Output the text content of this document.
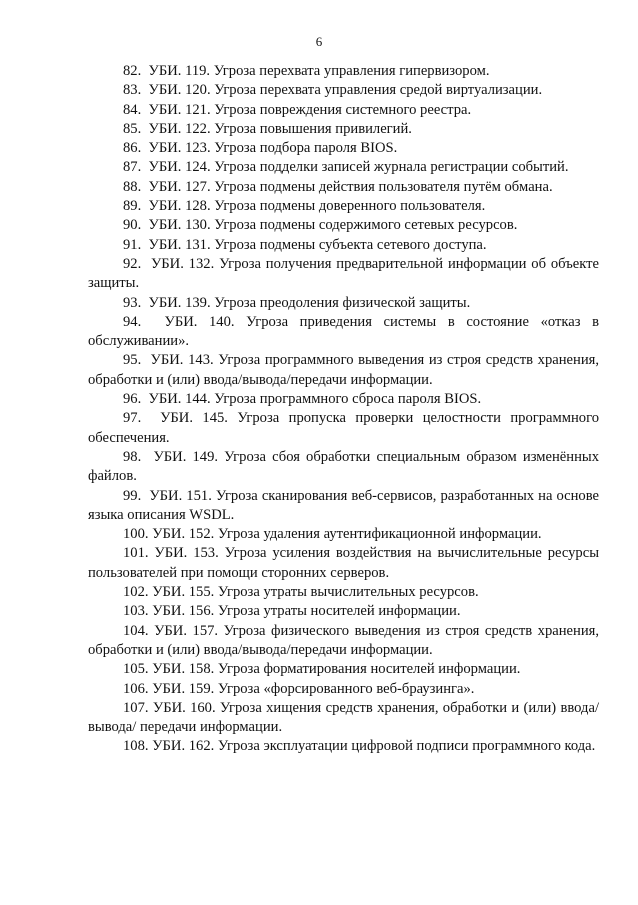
6

82.  УБИ. 119. Угроза перехвата управления гипервизором.

83.  УБИ. 120. Угроза перехвата управления средой виртуализации.

84.  УБИ. 121. Угроза повреждения системного реестра.

85.  УБИ. 122. Угроза повышения привилегий.

86.  УБИ. 123. Угроза подбора пароля BIOS.

87.  УБИ. 124. Угроза подделки записей журнала регистрации событий.

88.  УБИ. 127. Угроза подмены действия пользователя путём обмана.

89.  УБИ. 128. Угроза подмены доверенного пользователя.

90.  УБИ. 130. Угроза подмены содержимого сетевых ресурсов.

91.  УБИ. 131. Угроза подмены субъекта сетевого доступа.

92.  УБИ. 132. Угроза получения предварительной информации об объекте защиты.

93.  УБИ. 139. Угроза преодоления физической защиты.

94.  УБИ. 140. Угроза приведения системы в состояние «отказ в обслуживании».

95.  УБИ. 143. Угроза программного выведения из строя средств хранения, обработки и (или) ввода/вывода/передачи информации.

96.  УБИ. 144. Угроза программного сброса пароля BIOS.

97.  УБИ. 145. Угроза пропуска проверки целостности программного обеспечения.

98.  УБИ. 149. Угроза сбоя обработки специальным образом изменённых файлов.

99.  УБИ. 151. Угроза сканирования веб-сервисов, разработанных на основе языка описания WSDL.

100. УБИ. 152. Угроза удаления аутентификационной информации.

101. УБИ. 153. Угроза усиления воздействия на вычислительные ресурсы пользователей при помощи сторонних серверов.

102. УБИ. 155. Угроза утраты вычислительных ресурсов.

103. УБИ. 156. Угроза утраты носителей информации.

104. УБИ. 157. Угроза физического выведения из строя средств хранения, обработки и (или) ввода/вывода/передачи информации.

105. УБИ. 158. Угроза форматирования носителей информации.

106. УБИ. 159. Угроза «форсированного веб-браузинга».

107. УБИ. 160. Угроза хищения средств хранения, обработки и (или) ввода/вывода/ передачи информации.

108. УБИ. 162. Угроза эксплуатации цифровой подписи программного кода.
